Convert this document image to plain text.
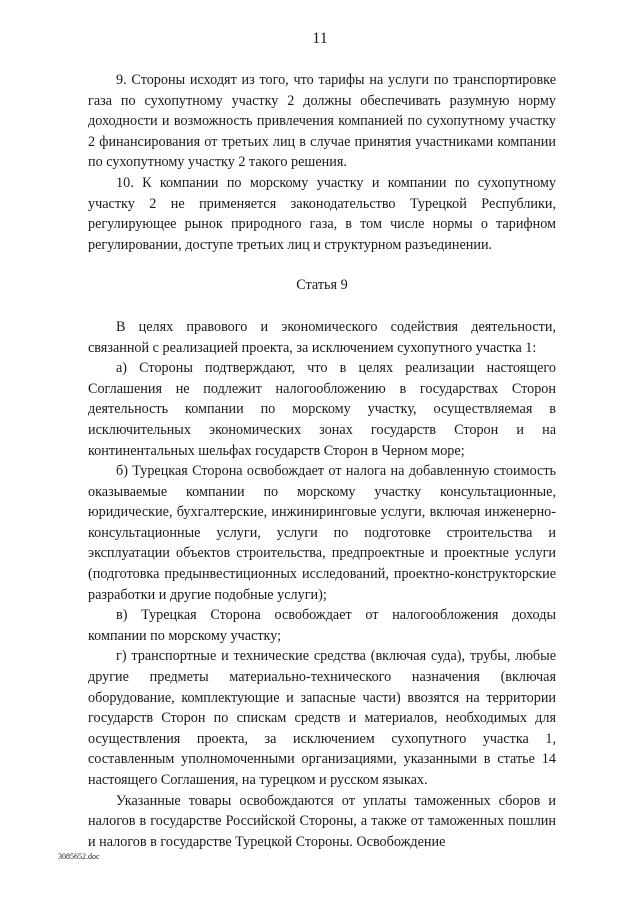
11

9. Стороны исходят из того, что тарифы на услуги по транспортировке газа по сухопутному участку 2 должны обеспечивать разумную норму доходности и возможность привлечения компанией по сухопутному участку 2 финансирования от третьих лиц в случае принятия участниками компании по сухопутному участку 2 такого решения.

10. К компании по морскому участку и компании по сухопутному участку 2 не применяется законодательство Турецкой Республики, регулирующее рынок природного газа, в том числе нормы о тарифном регулировании, доступе третьих лиц и структурном разъединении.

Статья 9

В целях правового и экономического содействия деятельности, связанной с реализацией проекта, за исключением сухопутного участка 1:

а) Стороны подтверждают, что в целях реализации настоящего Соглашения не подлежит налогообложению в государствах Сторон деятельность компании по морскому участку, осуществляемая в исключительных экономических зонах государств Сторон и на континентальных шельфах государств Сторон в Черном море;

б) Турецкая Сторона освобождает от налога на добавленную стоимость оказываемые компании по морскому участку консультационные, юридические, бухгалтерские, инжиниринговые услуги, включая инженерно-консультационные услуги, услуги по подготовке строительства и эксплуатации объектов строительства, предпроектные и проектные услуги (подготовка предынвестиционных исследований, проектно-конструкторские разработки и другие подобные услуги);

в) Турецкая Сторона освобождает от налогообложения доходы компании по морскому участку;

г) транспортные и технические средства (включая суда), трубы, любые другие предметы материально-технического назначения (включая оборудование, комплектующие и запасные части) ввозятся на территории государств Сторон по спискам средств и материалов, необходимых для осуществления проекта, за исключением сухопутного участка 1, составленным уполномоченными организациями, указанными в статье 14 настоящего Соглашения, на турецком и русском языках.

Указанные товары освобождаются от уплаты таможенных сборов и налогов в государстве Российской Стороны, а также от таможенных пошлин и налогов в государстве Турецкой Стороны. Освобождение

3085652.doc
